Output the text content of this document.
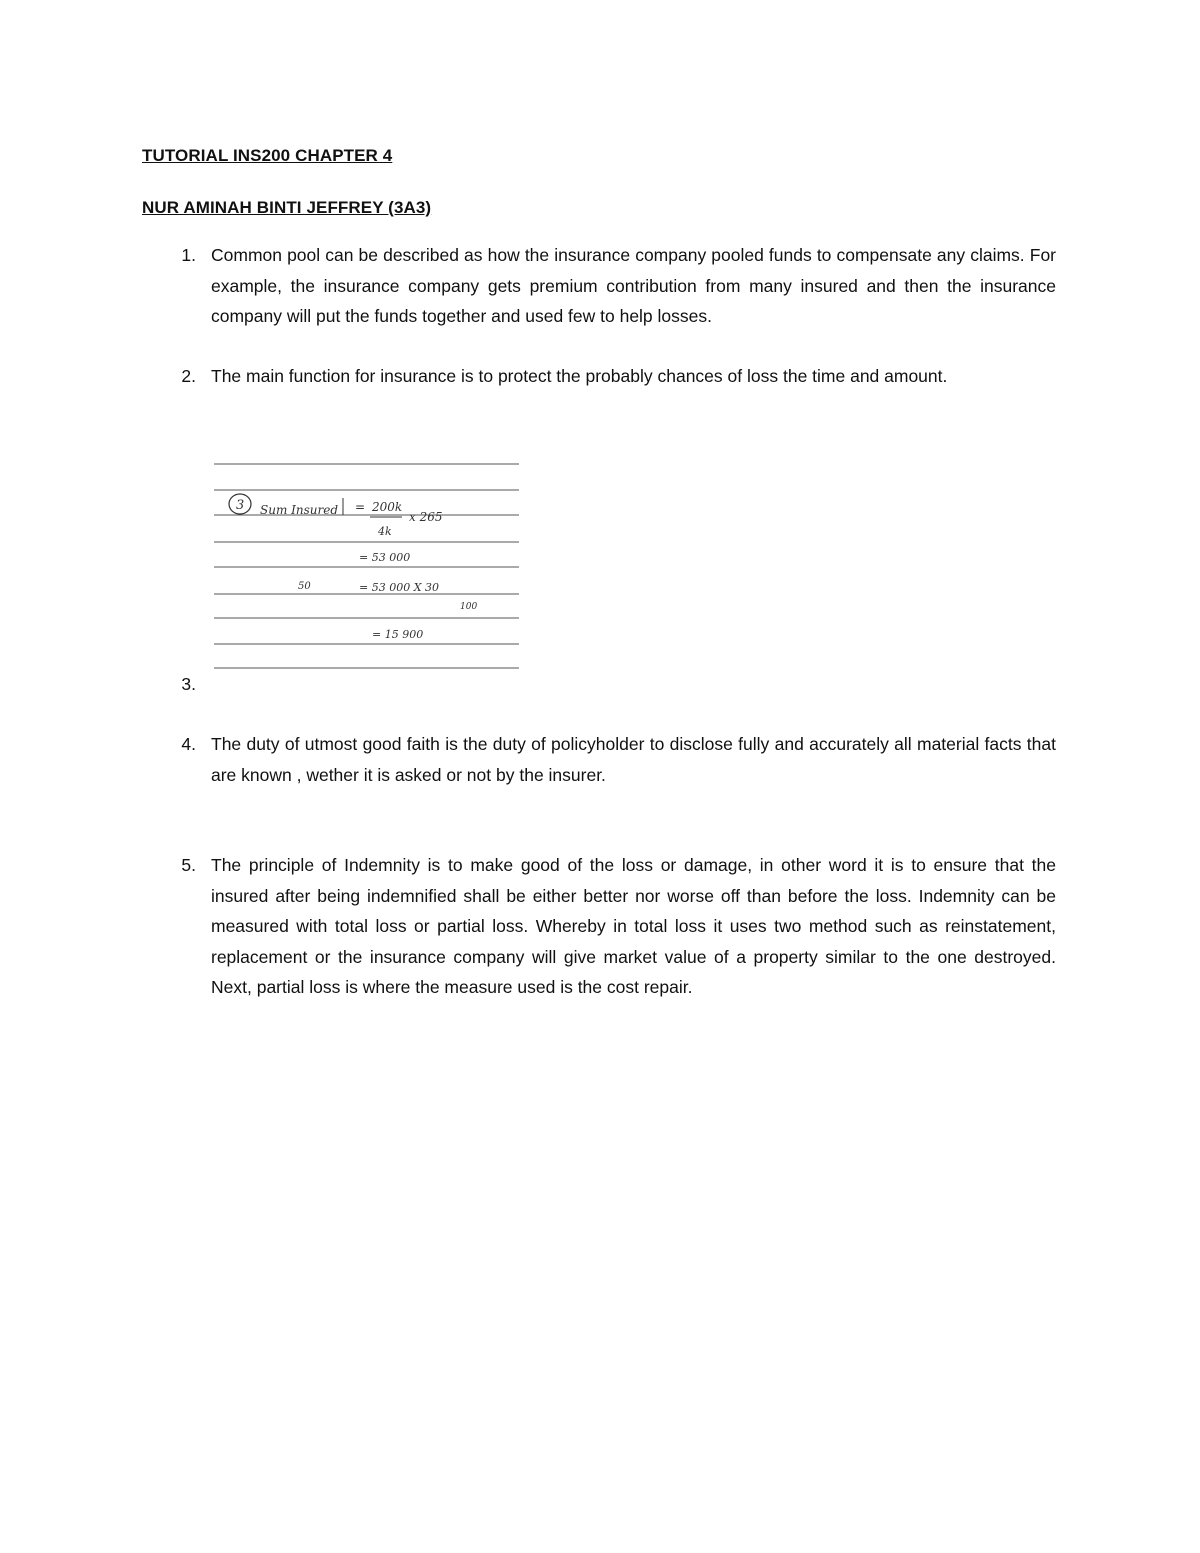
TUTORIAL INS200 CHAPTER 4
NUR AMINAH BINTI JEFFREY (3A3)
1. Common pool can be described as how the insurance company pooled funds to compensate any claims. For example, the insurance company gets premium contribution from many insured and then the insurance company will put the funds together and used few to help losses.
2. The main function for insurance is to protect the probably chances of loss the time and amount.
3 Sum Insured = 200k
4k
x 265
= 53 000
50	= 53 000 X 30
100
= 15 900
3.
4. The duty of utmost good faith is the duty of policyholder to disclose fully and accurately all material facts that are known , wether it is asked or not by the insurer.
5. The principle of Indemnity is to make good of the loss or damage, in other word it is to ensure that the insured after being indemnified shall be either better nor worse off than before the loss. Indemnity can be measured with total loss or partial loss. Whereby in total loss it uses two method such as reinstatement, replacement or the insurance company will give market value of a property similar to the one destroyed. Next, partial loss is where the measure used is the cost repair.
